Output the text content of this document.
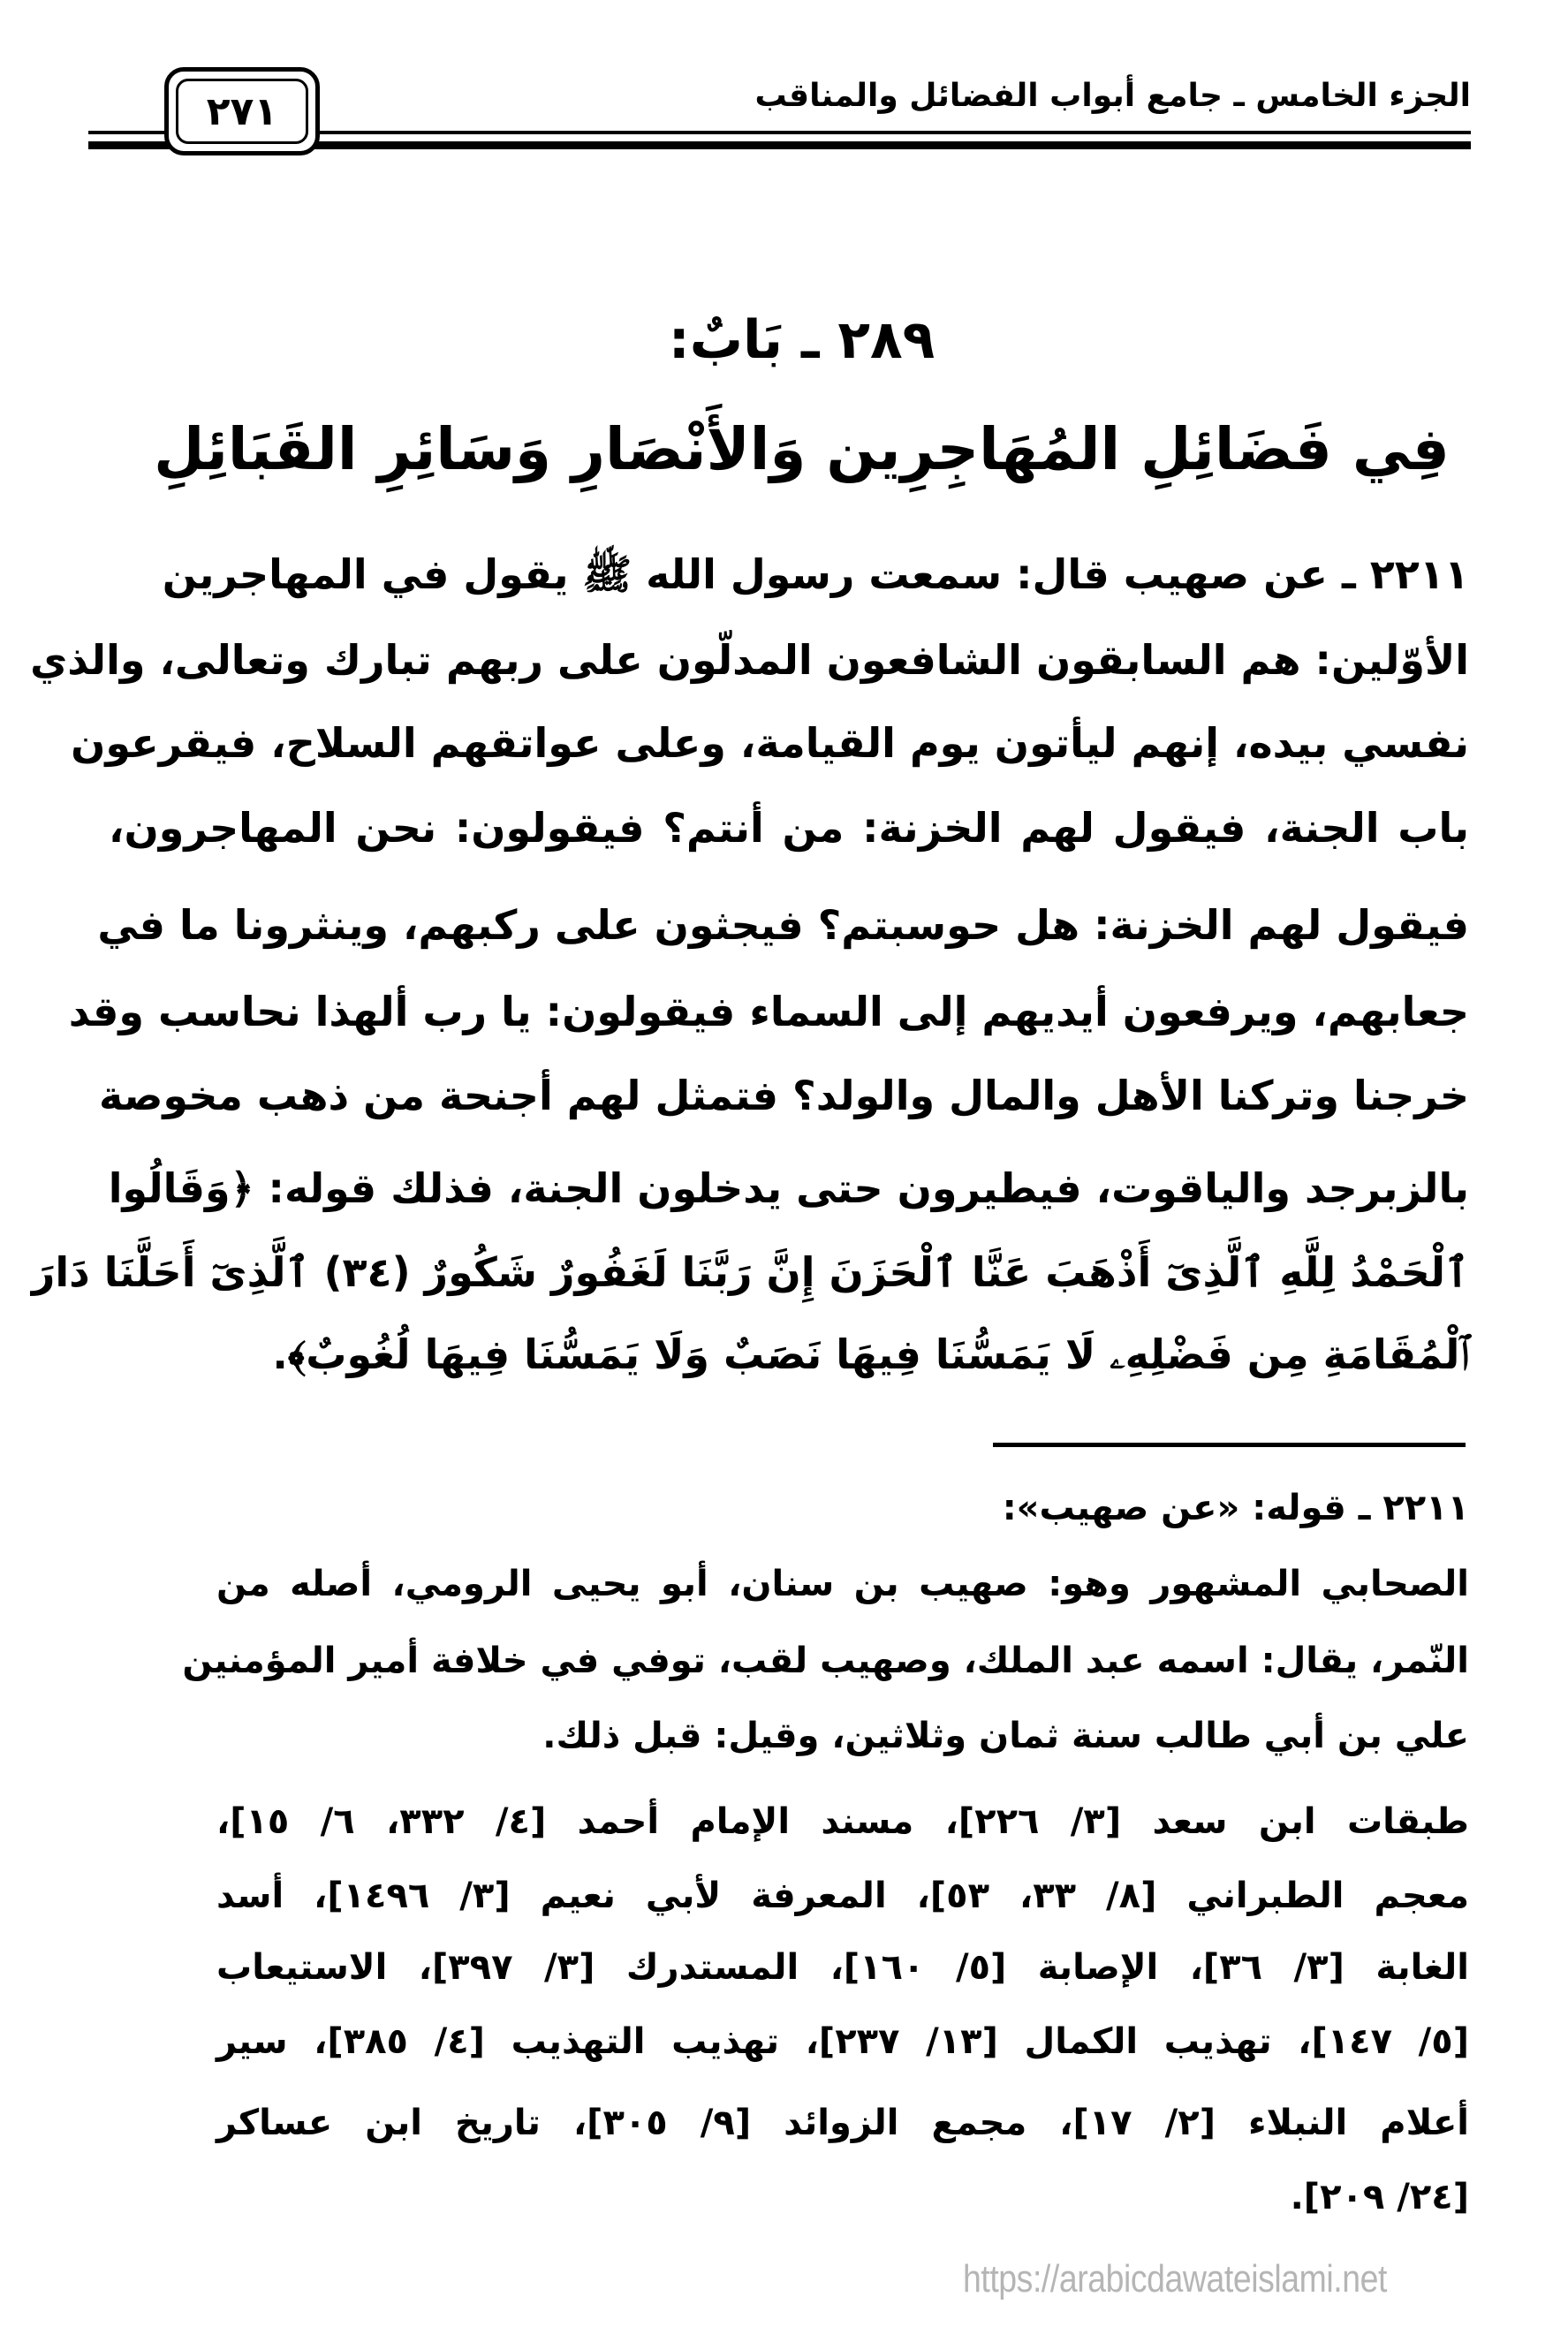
الجزء الخامس ـ جامع أبواب الفضائل والمناقب
٢٧١
٢٨٩ ـ بَابٌ:
فِي فَضَائِلِ المُهَاجِرِين وَالأَنْصَارِ وَسَائِرِ القَبَائِلِ
٢٢١١ ـ عن صهيب قال: سمعت رسول الله ﷺ يقول في المهاجرين
الأوّلين: هم السابقون الشافعون المدلّون على ربهم تبارك وتعالى، والذي
نفسي بيده، إنهم ليأتون يوم القيامة، وعلى عواتقهم السلاح، فيقرعون
باب الجنة، فيقول لهم الخزنة: من أنتم؟ فيقولون: نحن المهاجرون،
فيقول لهم الخزنة: هل حوسبتم؟ فيجثون على ركبهم، وينثرونا ما في
جعابهم، ويرفعون أيديهم إلى السماء فيقولون: يا رب ألهذا نحاسب وقد
خرجنا وتركنا الأهل والمال والولد؟ فتمثل لهم أجنحة من ذهب مخوصة
بالزبرجد والياقوت، فيطيرون حتى يدخلون الجنة، فذلك قوله: ﴿وَقَالُوا
ٱلْحَمْدُ لِلَّهِ ٱلَّذِىٓ أَذْهَبَ عَنَّا ٱلْحَزَنَ إِنَّ رَبَّنَا لَغَفُورٌ شَكُورٌ (٣٤) ٱلَّذِىٓ أَحَلَّنَا دَارَ
ٱلْمُقَامَةِ مِن فَضْلِهِۦ لَا يَمَسُّنَا فِيهَا نَصَبٌ وَلَا يَمَسُّنَا فِيهَا لُغُوبٌ﴾.
٢٢١١ ـ قوله: «عن صهيب»:
الصحابي المشهور وهو: صهيب بن سنان، أبو يحيى الرومي، أصله من
النّمر، يقال: اسمه عبد الملك، وصهيب لقب، توفي في خلافة أمير المؤمنين
علي بن أبي طالب سنة ثمان وثلاثين، وقيل: قبل ذلك.
طبقات ابن سعد [٣/ ٢٢٦]، مسند الإمام أحمد [٤/ ٣٣٢، ٦/ ١٥]،
معجم الطبراني [٨/ ٣٣، ٥٣]، المعرفة لأبي نعيم [٣/ ١٤٩٦]، أسد
الغابة [٣/ ٣٦]، الإصابة [٥/ ١٦٠]، المستدرك [٣/ ٣٩٧]، الاستيعاب
[٥/ ١٤٧]، تهذيب الكمال [١٣/ ٢٣٧]، تهذيب التهذيب [٤/ ٣٨٥]، سير
أعلام النبلاء [٢/ ١٧]، مجمع الزوائد [٩/ ٣٠٥]، تاريخ ابن عساكر
[٢٤/ ٢٠٩].
https://arabicdawateislami.net
